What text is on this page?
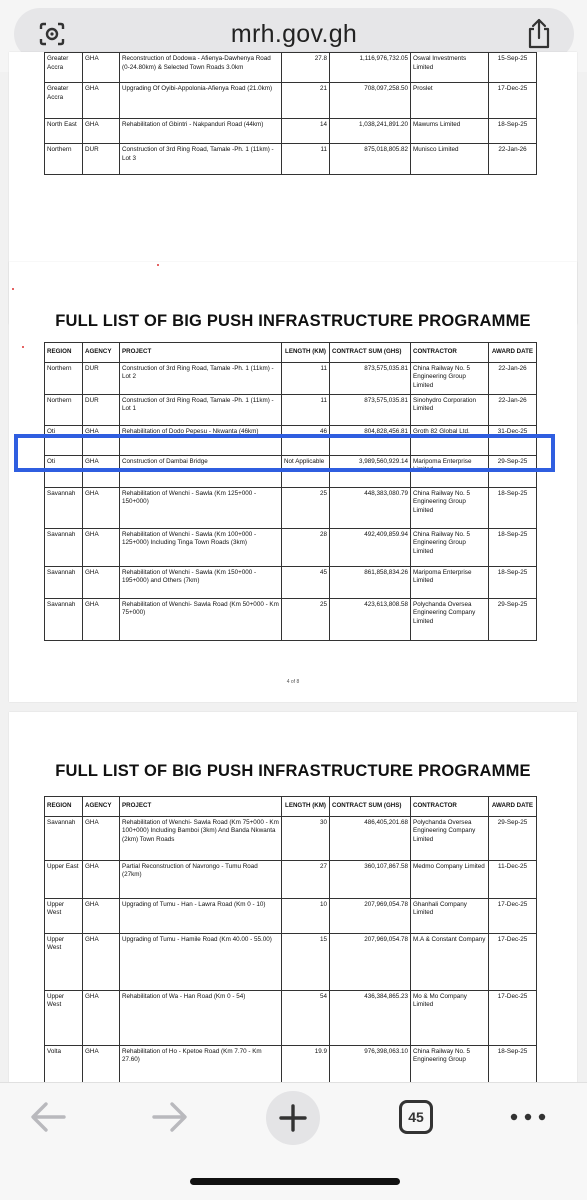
mrh.gov.gh
Greater Accra	GHA	Reconstruction of Dodowa - Afienya-Dawhenya Road (0-24.80km) & Selected Town Roads 3.0km	27.8	1,116,976,732.05	Oswal Investments Limited	15-Sep-25
Greater Accra	GHA	Upgrading Of Oyibi-Appolonia-Afienya Road (21.0km)	21	708,097,258.50	Proslet	17-Dec-25
North East	GHA	Rehabilitation of Gbintri - Nakpanduri Road (44km)	14	1,038,241,891.20	Mawums Limited	18-Sep-25
Northern	DUR	Construction of 3rd Ring Road, Tamale -Ph. 1 (11km) - Lot 3	11	875,018,805.82	Munisco Limited	22-Jan-26
FULL LIST OF BIG PUSH INFRASTRUCTURE PROGRAMME
REGION	AGENCY	PROJECT	LENGTH (KM)	CONTRACT SUM (GHS)	CONTRACTOR	AWARD DATE
Northern	DUR	Construction of 3rd Ring Road, Tamale -Ph. 1 (11km) - Lot 2	11	873,575,035.81	China Railway No. 5 Engineering Group Limited	22-Jan-26
Northern	DUR	Construction of 3rd Ring Road, Tamale -Ph. 1 (11km) - Lot 1	11	873,575,035.81	Sinohydro Corporation Limited	22-Jan-26
Oti	GHA	Rehabilitation of Dodo Pepesu - Nkwanta (46km)	46	804,828,456.81	Groth 82 Global Ltd.	31-Dec-25
Oti	GHA	Construction of Dambai Bridge	Not Applicable	3,989,560,929.14	Maripoma Enterprise Limited	29-Sep-25
Savannah	GHA	Rehabilitation of Wenchi - Sawla (Km 125+000 - 150+000)	25	448,383,080.79	China Railway No. 5 Engineering Group Limited	18-Sep-25
Savannah	GHA	Rehabilitation of Wenchi - Sawla (Km 100+000 - 125+000) Including Tinga Town Roads (3km)	28	492,409,859.94	China Railway No. 5 Engineering Group Limited	18-Sep-25
Savannah	GHA	Rehabilitation of Wenchi - Sawla (Km 150+000 - 195+000) and Others (7km)	45	861,858,834.26	Maripoma Enterprise Limited	18-Sep-25
Savannah	GHA	Rehabilitation of Wenchi- Sawla Road (Km 50+000 - Km 75+000)	25	423,613,808.58	Polychanda Oversea Engineering Company Limited	29-Sep-25
4 of 8
FULL LIST OF BIG PUSH INFRASTRUCTURE PROGRAMME
REGION	AGENCY	PROJECT	LENGTH (KM)	CONTRACT SUM (GHS)	CONTRACTOR	AWARD DATE
Savannah	GHA	Rehabilitation of Wenchi- Sawla Road (Km 75+000 - Km 100+000) Including Bamboi (3km) And Banda Nkwanta (2km) Town Roads	30	486,405,201.68	Polychanda Oversea Engineering Company Limited	29-Sep-25
Upper East	GHA	Partial Reconstruction of Navrongo - Tumu Road (27km)	27	360,107,867.58	Medmo Company Limited	11-Dec-25
Upper West	GHA	Upgrading of Tumu - Han - Lawra Road (Km 0 - 10)	10	207,969,054.78	Ghanhali Company Limited	17-Dec-25
Upper West	GHA	Upgrading of Tumu - Hamile Road (Km 40.00 - 55.00)	15	207,969,054.78	M.A & Constant Company	17-Dec-25
Upper West	GHA	Rehabilitation of Wa - Han Road (Km 0 - 54)	54	436,384,865.23	Mo & Mo Company Limited	17-Dec-25
Volta	GHA	Rehabilitation of Ho - Kpetoe Road (Km 7.70 - Km 27.60)	19.9	976,398,063.10	China Railway No. 5 Engineering Group	18-Sep-25
45
